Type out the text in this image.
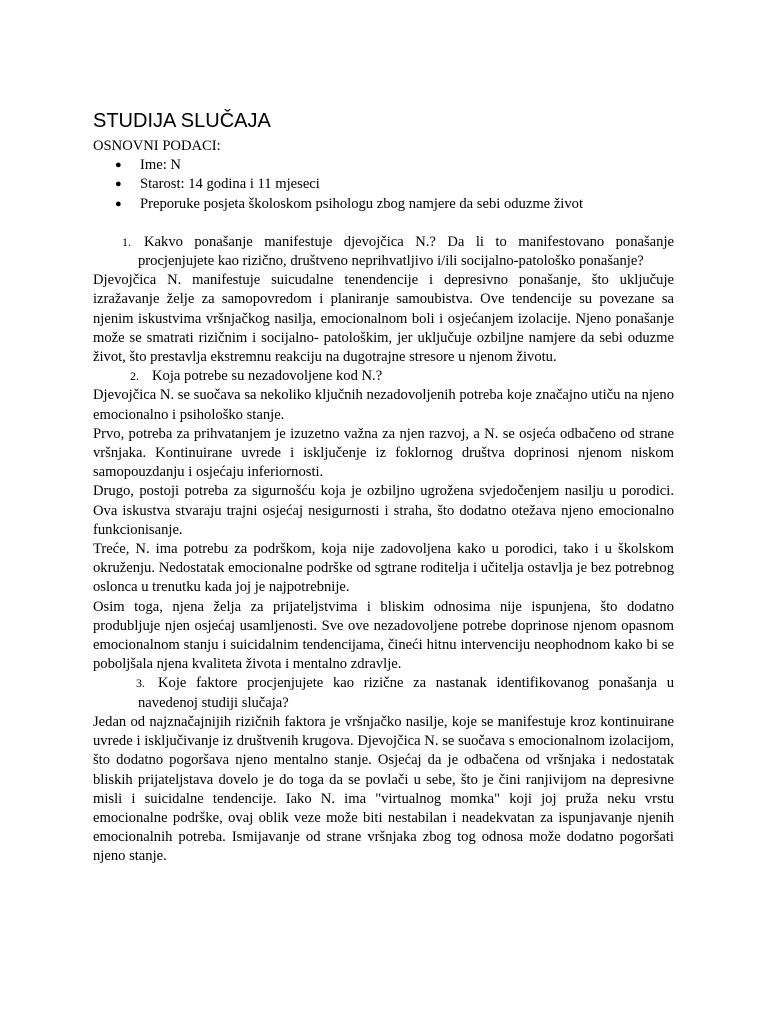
STUDIJA SLUČAJA

OSNOVNI PODACI:

● Ime: N
● Starost: 14 godina i 11 mjeseci
● Preporuke posjeta školoskom psihologu zbog namjere da sebi oduzme život
1. Kakvo ponašanje manifestuje djevojčica N.? Da li to manifestovano ponašanje procjenjujete kao rizično, društveno neprihvatljivo i/ili socijalno-patološko ponašanje?

Djevojčica N. manifestuje suicudalne tenendencije i depresivno ponašanje, što uključuje izražavanje želje za samopovredom i planiranje samoubistva. Ove tendencije su povezane sa njenim iskustvima vršnjačkog nasilja, emocionalnom boli i osjećanjem izolacije. Njeno ponašanje može se smatrati rizičnim i socijalno- patološkim, jer uključuje ozbiljne namjere da sebi oduzme život, što prestavlja ekstremnu reakciju na dugotrajne stresore u njenom životu.

2. Koja potrebe su nezadovoljene kod N.?

Djevojčica N. se suočava sa nekoliko ključnih nezadovoljenih potreba koje značajno utiču na njeno emocionalno i psihološko stanje.

Prvo, potreba za prihvatanjem je izuzetno važna za njen razvoj, a N. se osjeća odbačeno od strane vršnjaka. Kontinuirane uvrede i isključenje iz foklornog društva doprinosi njenom niskom samopouzdanju i osjećaju inferiornosti.

Drugo, postoji potreba za sigurnošću koja je ozbiljno ugrožena svjedočenjem nasilju u porodici. Ova iskustva stvaraju trajni osjećaj nesigurnosti i straha, što dodatno otežava njeno emocionalno funkcionisanje.

Treće, N. ima potrebu za podrškom, koja nije zadovoljena kako u porodici, tako i u školskom okruženju. Nedostatak emocionalne podrške od sgtrane roditelja i učitelja ostavlja je bez potrebnog oslonca u trenutku kada joj je najpotrebnije.

Osim toga, njena želja za prijateljstvima i bliskim odnosima nije ispunjena, što dodatno produbljuje njen osjećaj usamljenosti. Sve ove nezadovoljene potrebe doprinose njenom opasnom emocionalnom stanju i suicidalnim tendencijama, čineći hitnu intervenciju neophodnom kako bi se poboljšala njena kvaliteta života i mentalno zdravlje.

3. Koje faktore procjenjujete kao rizične za nastanak identifikovanog ponašanja u navedenoj studiji slučaja?

Jedan od najznačajnijih rizičnih faktora je vršnjačko nasilje, koje se manifestuje kroz kontinuirane uvrede i isključivanje iz društvenih krugova. Djevojčica N. se suočava s emocionalnom izolacijom, što dodatno pogoršava njeno mentalno stanje. Osjećaj da je odbačena od vršnjaka i nedostatak bliskih prijateljstava dovelo je do toga da se povlači u sebe, što je čini ranjivijom na depresivne misli i suicidalne tendencije. Iako N. ima "virtualnog momka" koji joj pruža neku vrstu emocionalne podrške, ovaj oblik veze može biti nestabilan i neadekvatan za ispunjavanje njenih emocionalnih potreba. Ismijavanje od strane vršnjaka zbog tog odnosa može dodatno pogoršati njeno stanje.
